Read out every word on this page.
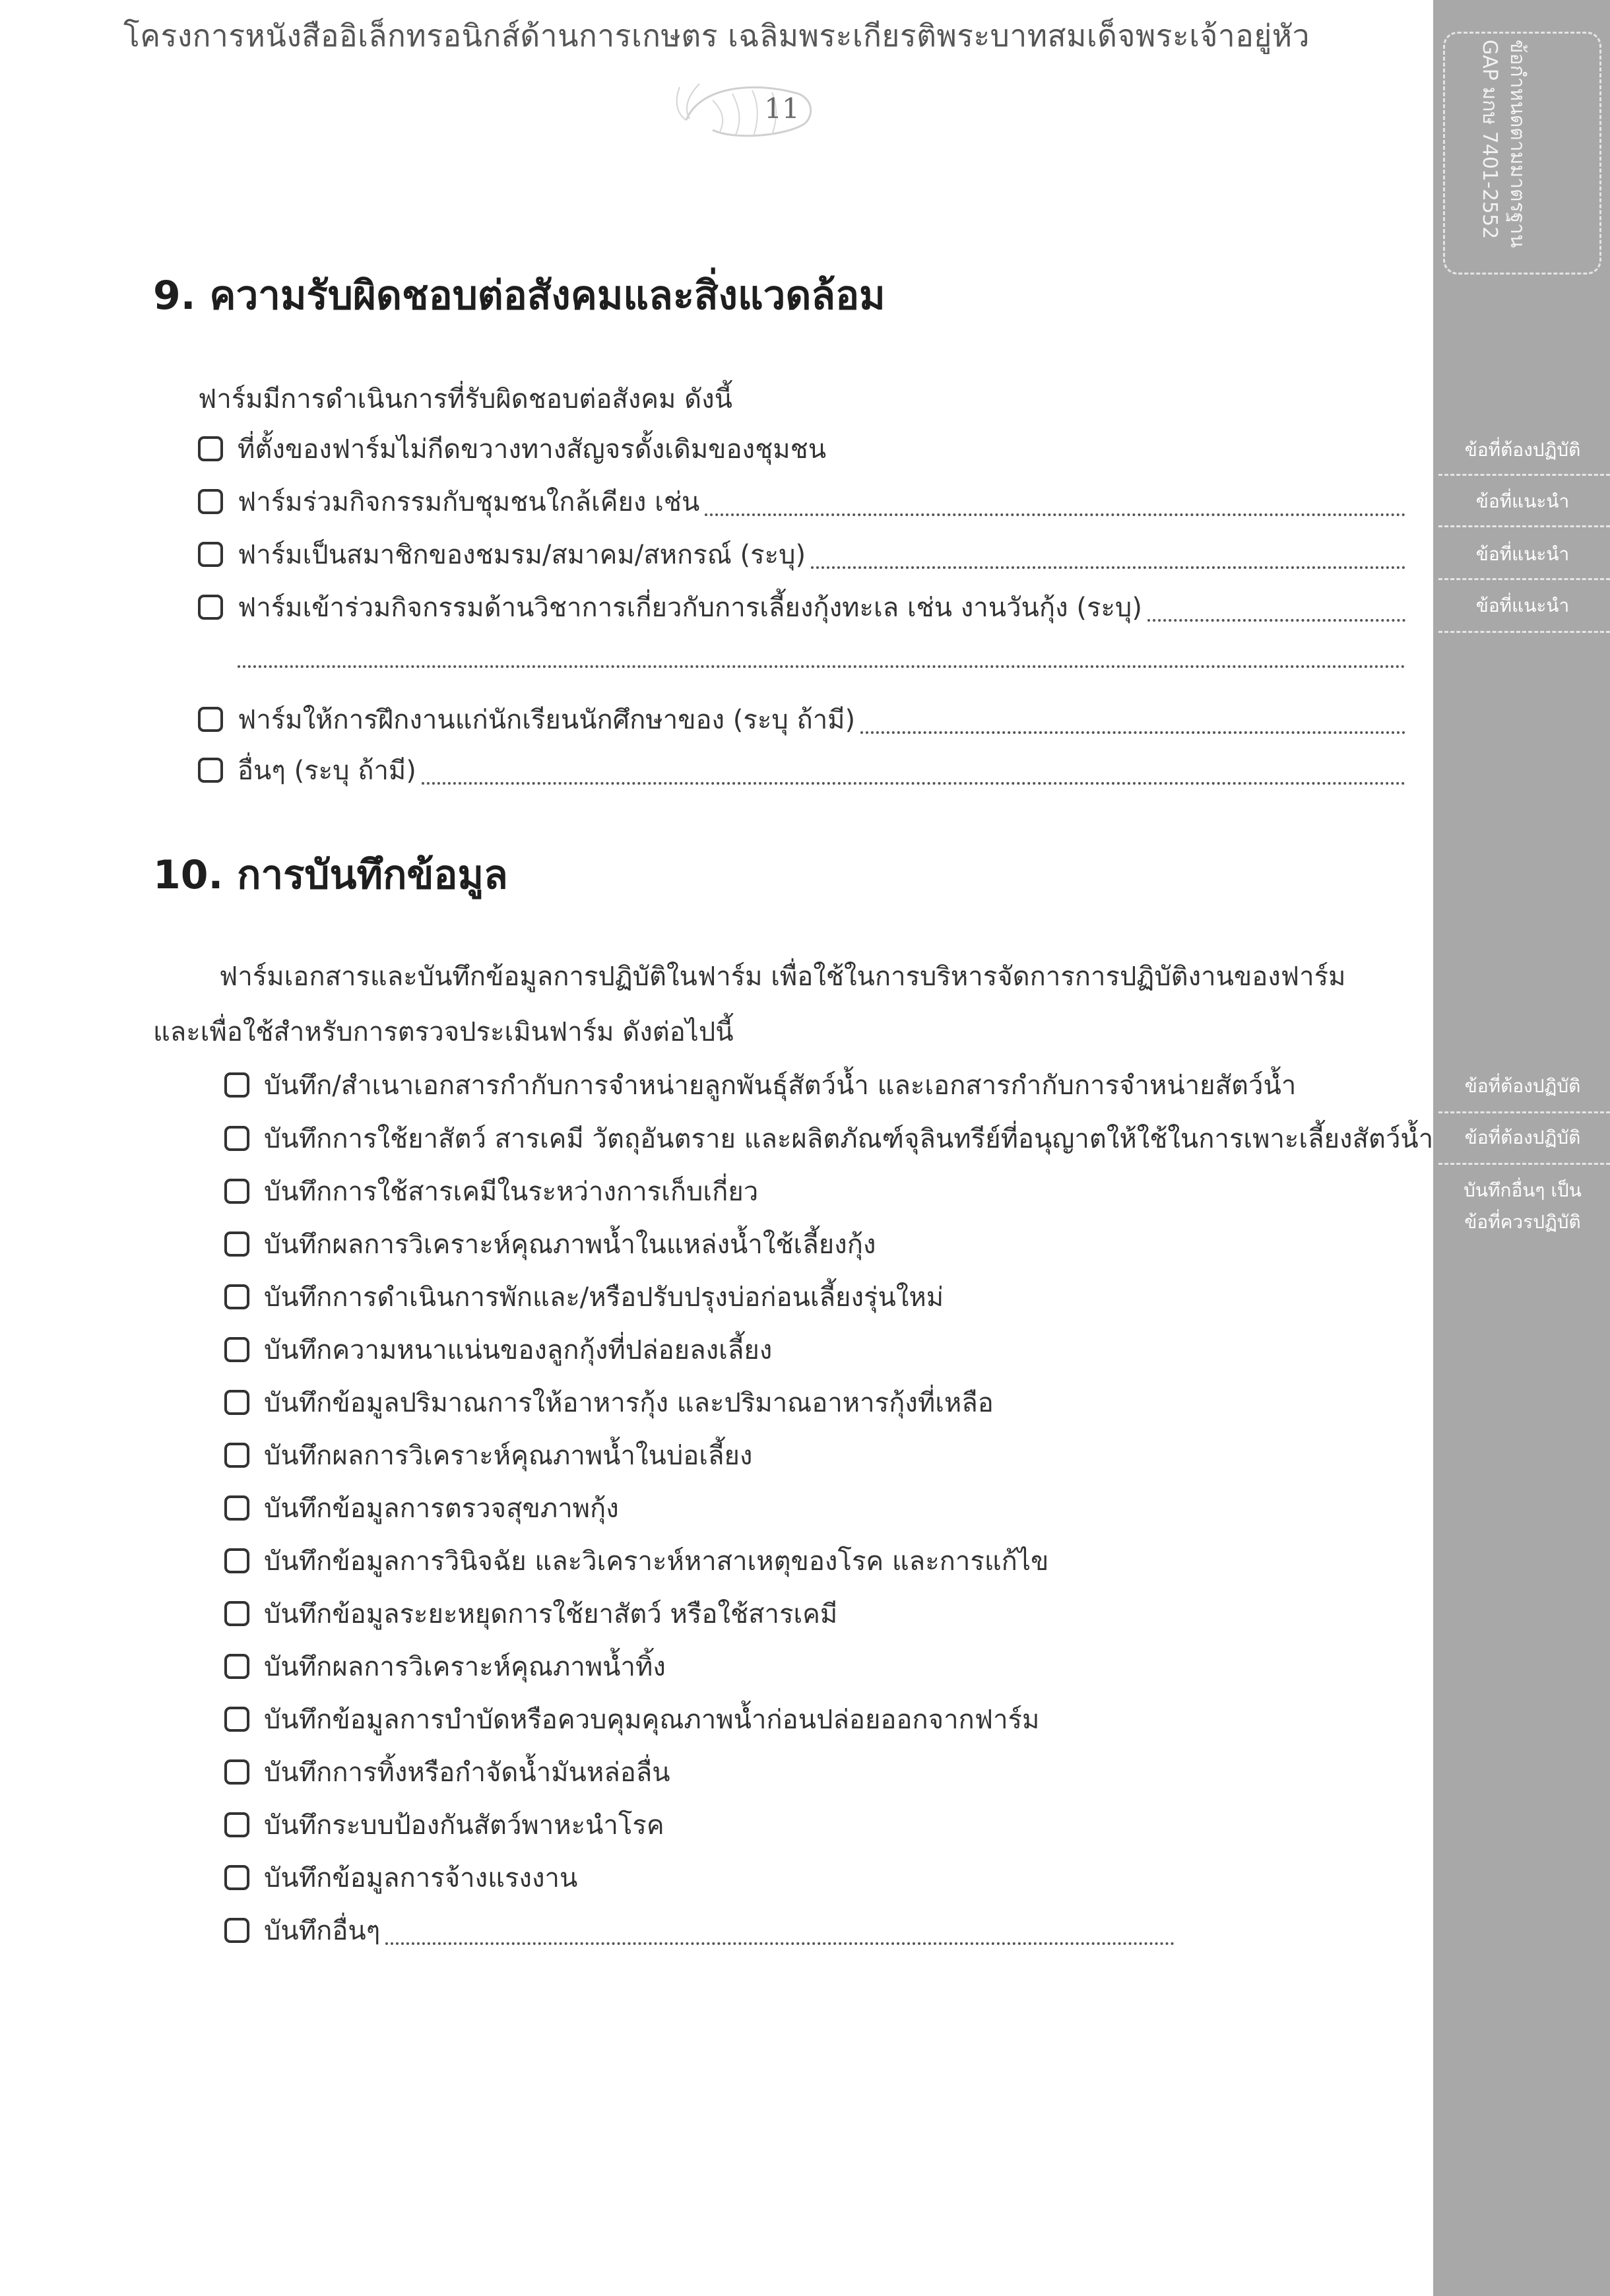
โครงการหนังสืออิเล็กทรอนิกส์ด้านการเกษตร เฉลิมพระเกียรติพระบาทสมเด็จพระเจ้าอยู่หัว
11
9. ความรับผิดชอบต่อสังคมและสิ่งแวดล้อม
ฟาร์มมีการดำเนินการที่รับผิดชอบต่อสังคม ดังนี้
ที่ตั้งของฟาร์มไม่กีดขวางทางสัญจรดั้งเดิมของชุมชน
ฟาร์มร่วมกิจกรรมกับชุมชนใกล้เคียง เช่น
ฟาร์มเป็นสมาชิกของชมรม/สมาคม/สหกรณ์ (ระบุ)
ฟาร์มเข้าร่วมกิจกรรมด้านวิชาการเกี่ยวกับการเลี้ยงกุ้งทะเล เช่น งานวันกุ้ง (ระบุ)
ฟาร์มให้การฝึกงานแก่นักเรียนนักศึกษาของ (ระบุ ถ้ามี)
อื่นๆ (ระบุ ถ้ามี)
10. การบันทึกข้อมูล
ฟาร์มเอกสารและบันทึกข้อมูลการปฏิบัติในฟาร์ม เพื่อใช้ในการบริหารจัดการการปฏิบัติงานของฟาร์ม
และเพื่อใช้สำหรับการตรวจประเมินฟาร์ม ดังต่อไปนี้
บันทึก/สำเนาเอกสารกำกับการจำหน่ายลูกพันธุ์สัตว์น้ำ และเอกสารกำกับการจำหน่ายสัตว์น้ำ
บันทึกการใช้ยาสัตว์ สารเคมี วัตถุอันตราย และผลิตภัณฑ์จุลินทรีย์ที่อนุญาตให้ใช้ในการเพาะเลี้ยงสัตว์น้ำ
บันทึกการใช้สารเคมีในระหว่างการเก็บเกี่ยว
บันทึกผลการวิเคราะห์คุณภาพน้ำในแหล่งน้ำใช้เลี้ยงกุ้ง
บันทึกการดำเนินการพักและ/หรือปรับปรุงบ่อก่อนเลี้ยงรุ่นใหม่
บันทึกความหนาแน่นของลูกกุ้งที่ปล่อยลงเลี้ยง
บันทึกข้อมูลปริมาณการให้อาหารกุ้ง และปริมาณอาหารกุ้งที่เหลือ
บันทึกผลการวิเคราะห์คุณภาพน้ำในบ่อเลี้ยง
บันทึกข้อมูลการตรวจสุขภาพกุ้ง
บันทึกข้อมูลการวินิจฉัย และวิเคราะห์หาสาเหตุของโรค และการแก้ไข
บันทึกข้อมูลระยะหยุดการใช้ยาสัตว์ หรือใช้สารเคมี
บันทึกผลการวิเคราะห์คุณภาพน้ำทิ้ง
บันทึกข้อมูลการบำบัดหรือควบคุมคุณภาพน้ำก่อนปล่อยออกจากฟาร์ม
บันทึกการทิ้งหรือกำจัดน้ำมันหล่อลื่น
บันทึกระบบป้องกันสัตว์พาหะนำโรค
บันทึกข้อมูลการจ้างแรงงาน
บันทึกอื่นๆ
ข้อกำหนดตามมาตรฐาน
GAP มกษ 7401-2552
ข้อที่ต้องปฏิบัติ
ข้อที่แนะนำ
ข้อที่แนะนำ
ข้อที่แนะนำ
ข้อที่ต้องปฏิบัติ
ข้อที่ต้องปฏิบัติ
บันทึกอื่นๆ เป็น
ข้อที่ควรปฏิบัติ
